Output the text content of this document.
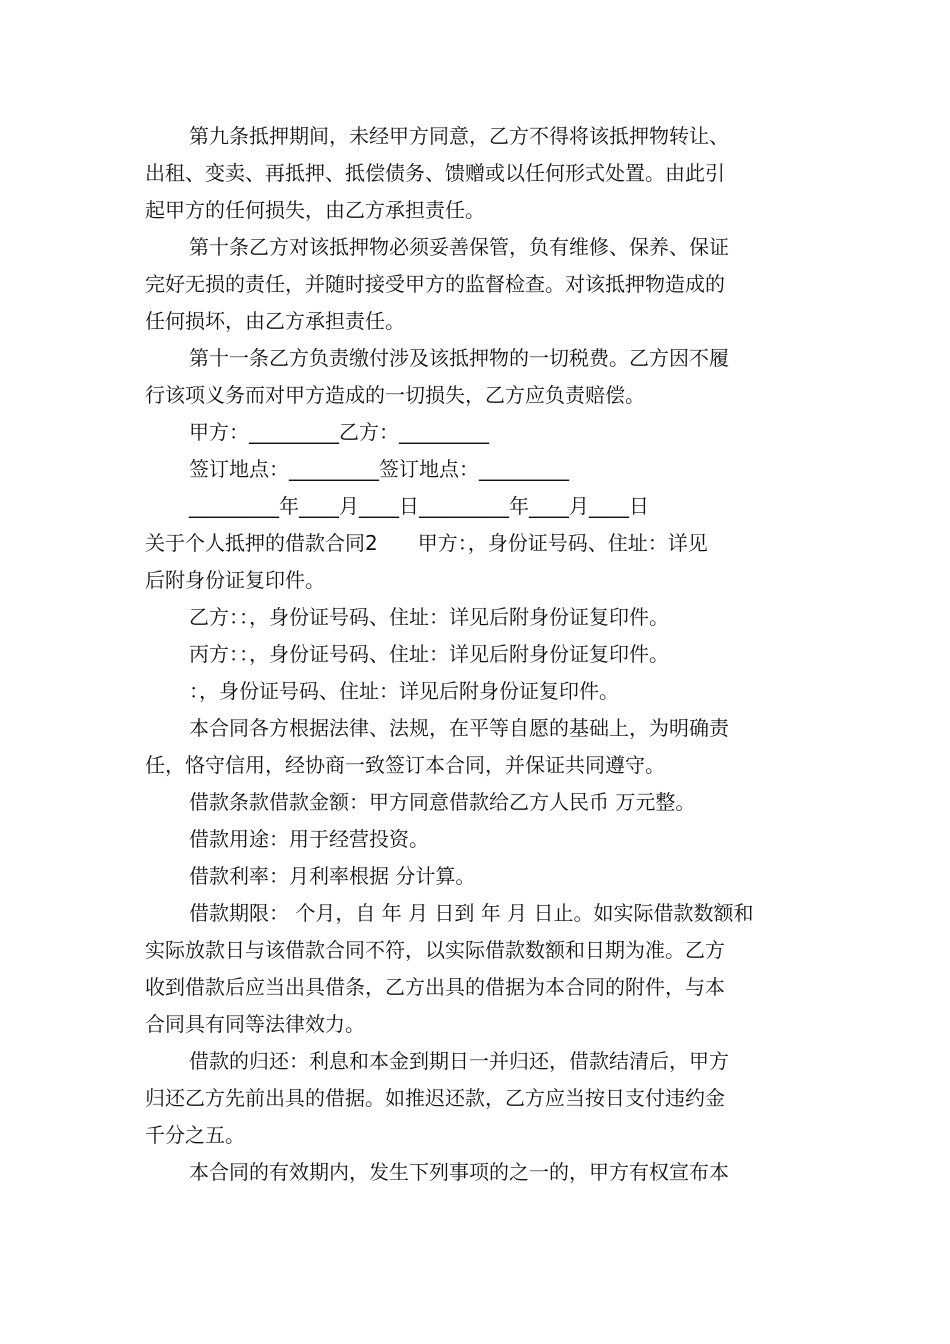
第九条抵押期间，未经甲方同意，乙方不得将该抵押物转让、
出租、变卖、再抵押、抵偿债务、馈赠或以任何形式处置。由此引
起甲方的任何损失，由乙方承担责任。
第十条乙方对该抵押物必须妥善保管，负有维修、保养、保证
完好无损的责任，并随时接受甲方的监督检查。对该抵押物造成的
任何损坏，由乙方承担责任。
第十一条乙方负责缴付涉及该抵押物的一切税费。乙方因不履
行该项义务而对甲方造成的一切损失，乙方应负责赔偿。
甲方：_________乙方：_________
签订地点：_________签订地点：_________
_________年____月____日_________年____月____日
关于个人抵押的借款合同2　　甲方：，身份证号码、住址：详见
后附身份证复印件。
乙方：：，身份证号码、住址：详见后附身份证复印件。
丙方：：，身份证号码、住址：详见后附身份证复印件。
：，身份证号码、住址：详见后附身份证复印件。
本合同各方根据法律、法规，在平等自愿的基础上，为明确责
任，恪守信用，经协商一致签订本合同，并保证共同遵守。
借款条款借款金额：甲方同意借款给乙方人民币 万元整。
借款用途：用于经营投资。
借款利率：月利率根据 分计算。
借款期限： 个月，自 年 月 日到 年 月 日止。如实际借款数额和
实际放款日与该借款合同不符，以实际借款数额和日期为准。乙方
收到借款后应当出具借条，乙方出具的借据为本合同的附件，与本
合同具有同等法律效力。
借款的归还：利息和本金到期日一并归还，借款结清后，甲方
归还乙方先前出具的借据。如推迟还款，乙方应当按日支付违约金
千分之五。
本合同的有效期内，发生下列事项的之一的，甲方有权宣布本
